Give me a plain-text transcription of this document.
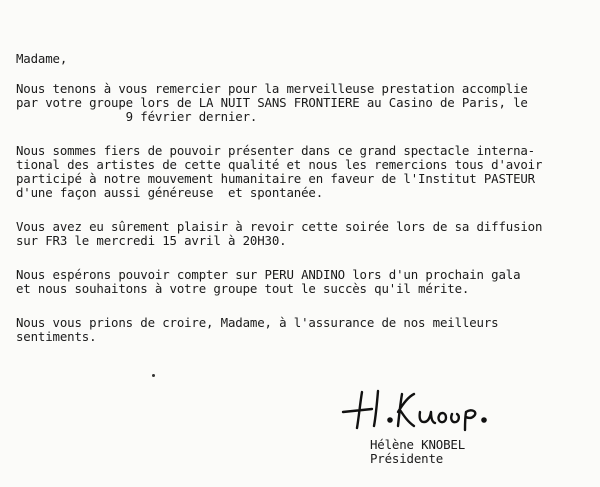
Madame,
Nous tenons à vous remercier pour la merveilleuse prestation accomplie
par votre groupe lors de LA NUIT SANS FRONTIERE au Casino de Paris, le
9 février dernier.
Nous sommes fiers de pouvoir présenter dans ce grand spectacle interna-
tional des artistes de cette qualité et nous les remercions tous d'avoir
participé à notre mouvement humanitaire en faveur de l'Institut PASTEUR
d'une façon aussi généreuse  et spontanée.
Vous avez eu sûrement plaisir à revoir cette soirée lors de sa diffusion
sur FR3 le mercredi 15 avril à 20H30.
Nous espérons pouvoir compter sur PERU ANDINO lors d'un prochain gala
et nous souhaitons à votre groupe tout le succès qu'il mérite.
Nous vous prions de croire, Madame, à l'assurance de nos meilleurs
sentiments.
Hélène KNOBEL
Présidente
